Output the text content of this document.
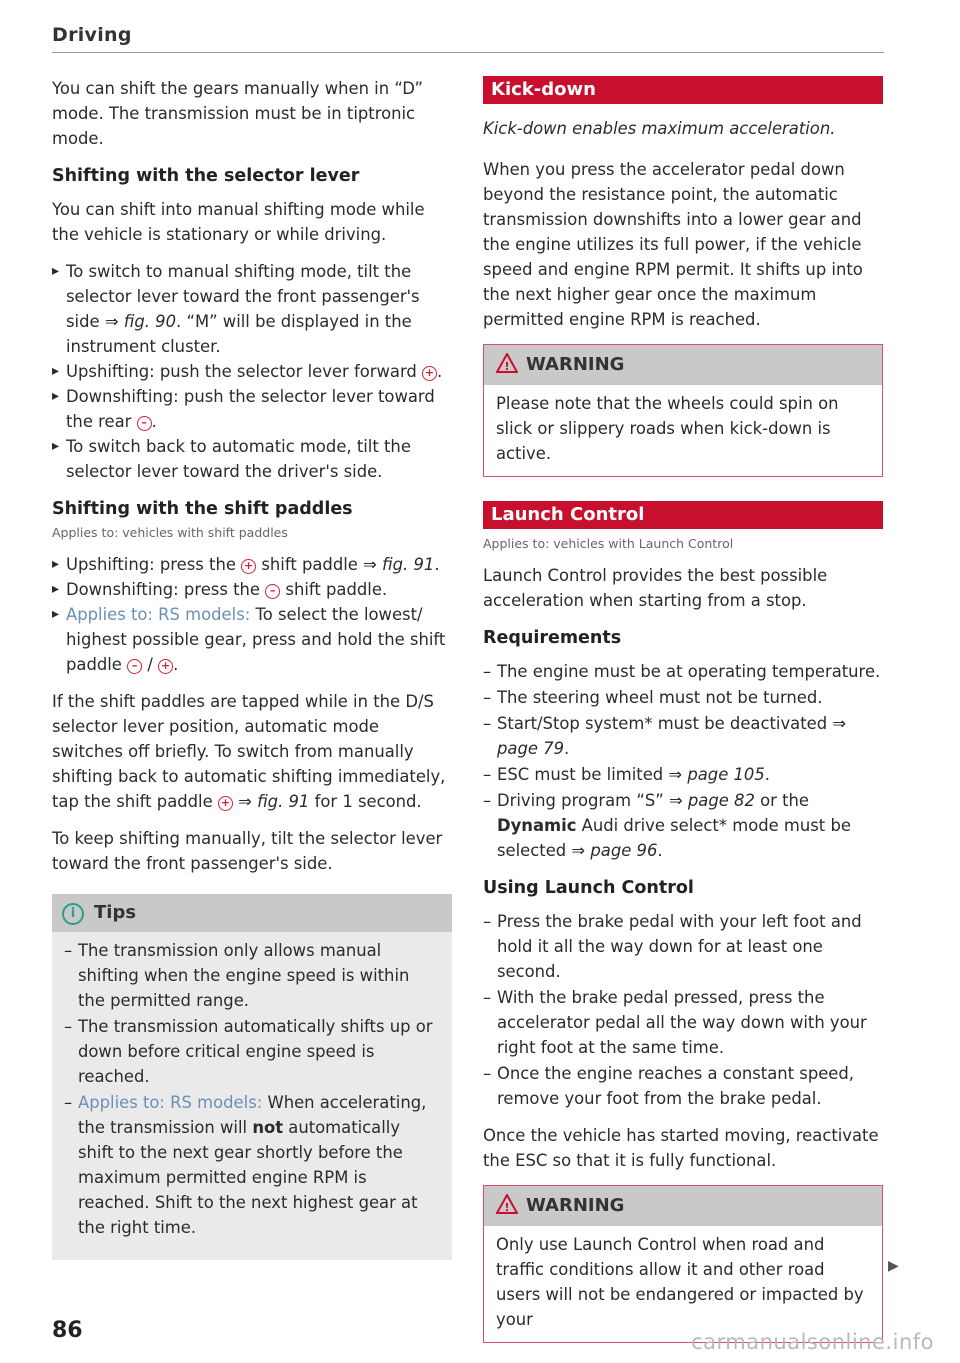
Driving

You can shift the gears manually when in “D” mode. The transmission must be in tiptronic mode.

Shifting with the selector lever

You can shift into manual shifting mode while the vehicle is stationary or while driving.

▸ To switch to manual shifting mode, tilt the selector lever toward the front passenger's side ⇒ fig. 90. “M” will be displayed in the instrument cluster.
▸ Upshifting: push the selector lever forward + .
▸ Downshifting: push the selector lever toward the rear – .
▸ To switch back to automatic mode, tilt the selector lever toward the driver's side.
Shifting with the shift paddles
Applies to: vehicles with shift paddles
▸ Upshifting: press the + shift paddle ⇒ fig. 91.
▸ Downshifting: press the – shift paddle.
▸ Applies to: RS models: To select the lowest/ highest possible gear, press and hold the shift paddle – / + .

If the shift paddles are tapped while in the D/S selector lever position, automatic mode switches off briefly. To switch from manually shifting back to automatic shifting immediately, tap the shift paddle + ⇒ fig. 91 for 1 second.

To keep shifting manually, tilt the selector lever toward the front passenger's side.

i Tips
– The transmission only allows manual shifting when the engine speed is within the permitted range.
– The transmission automatically shifts up or down before critical engine speed is reached.
– Applies to: RS models: When accelerating, the transmission will not automatically shift to the next gear shortly before the maximum permitted engine RPM is reached. Shift to the next highest gear at the right time.
Kick-down

Kick-down enables maximum acceleration.

When you press the accelerator pedal down beyond the resistance point, the automatic transmission downshifts into a lower gear and the engine utilizes its full power, if the vehicle speed and engine RPM permit. It shifts up into the next higher gear once the maximum permitted engine RPM is reached.

! WARNING

Please note that the wheels could spin on slick or slippery roads when kick-down is active.

Launch Control
Applies to: vehicles with Launch Control

Launch Control provides the best possible acceleration when starting from a stop.

Requirements
– The engine must be at operating temperature.
– The steering wheel must not be turned.
– Start/Stop system* must be deactivated ⇒ page 79.
– ESC must be limited ⇒ page 105.
– Driving program “S” ⇒ page 82 or the Dynamic Audi drive select* mode must be selected ⇒ page 96.
Using Launch Control
– Press the brake pedal with your left foot and hold it all the way down for at least one second.
– With the brake pedal pressed, press the accelerator pedal all the way down with your right foot at the same time.
– Once the engine reaches a constant speed, remove your foot from the brake pedal.

Once the vehicle has started moving, reactivate the ESC so that it is fully functional.

! WARNING

Only use Launch Control when road and traffic conditions allow it and other road users will not be endangered or impacted by your

▶
86	carmanualsonline.info
